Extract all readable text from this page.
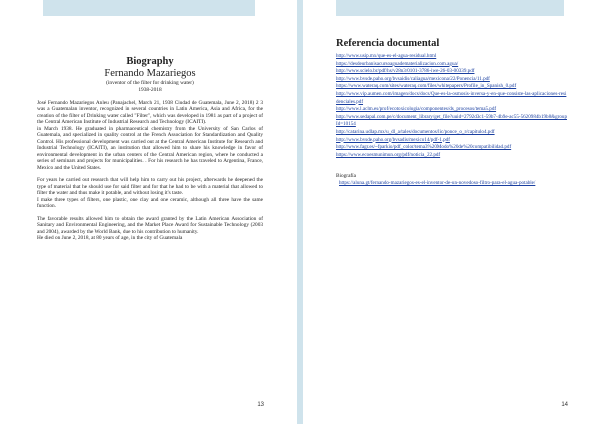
Biography
Fernando Mazariegos
(inventor of the filter for drinking water)
1938-2018

José Fernando Mazariegos Anleu (Panajachel, March 21, 1938 Ciudad de Guatemala, June 2, 2018) 2 3 was a Guatemalan inventor, recognized in several countries in Latin America, Asia and Africa, for the creation of the filter of Drinking water called "Filter", which was developed in 1981 as part of a project of the Central American Institute of Industrial Research and Technology (ICAITI).

in March 1938. He graduated in pharmaceutical chemistry from the University of San Carlos of Guatemala, and specialized in quality control at the French Association for Standardization and Quality Control. His professional development was carried out at the Central American Institute for Research and Industrial Technology (ICAITI), an institution that allowed him to share his knowledge in favor of environmental development in the urban centers of the Central American region, where he conducted a series of seminars and projects for municipalities. . For his research he has traveled to Argentina, France, Mexico and the United States.

For years he carried out research that will help him to carry out his project, afterwards he deepened the type of material that he should use for said filter and for that he had to be with a material that allowed to filter the water and thus make it potable, and without losing it's taste.

I make three types of filters, one plastic, one clay and one ceramic, although all three have the same function.

The favorable results allowed him to obtain the award granted by the Latin American Association of Sanitary and Environmental Engineering, and the Market Place Award for Sustainable Technology (2003 and 2004), awarded by the World Bank, due to his contribution to humanity.

He died on June 2, 2018, at 80 years of age, in the city of Guatemala

13
Referencia documental
http://www.usip.mx/que-es-el-agua-residual.html
https://desdeurbanisacursoaguadematerializacion.com.agua/
http://www.scielo.br/pdf/hs/v28n3/0101-3786-iwe-26-03-00339.pdf
http://www.bvsde.paho.org/bvsaidis/caliagua/mexicona/22/Ponencia/11.pdf
https://www.wateraq.com/sites/wateraq.com/files/whitepapers/Profile_in_Spanish_0.pdf
http://www.vip.aumen.com/imagen/docs/docs/Que-es-la-osmosis-inversa-y-en-que-consiste-las-aplicaciones-residenciales.pdf
http://www.l.aclm.es/prof/ecotoxicologia/componentes/ds_procesos/tema5.pdf
http://www.sedapal.com.pe/c/document_library/get_file?uuid=2792d3c1-59b7-4b9e-ac55-5620984b19b8&groupId=10154
http://catarina.udlap.mx/u_dl_a/tales/documentos/lic/ponce_o_r/capitulo4.pdf
http://www.bvsde.paho.org/bvsadis/mexico14/pdf-1.pdf
http://www.fagr.es/~fparkio/pdf_color/tema3%20Modo%20de%20compatibilidad.pdf
https://www.ecoesmunimun.org/pdf/noticia_22.pdf
Biografía
https://aluna.gt/fernando-mazariegos-es-el-inventor-de-un-novedoso-filtro-para-el-agua-potable/
14
